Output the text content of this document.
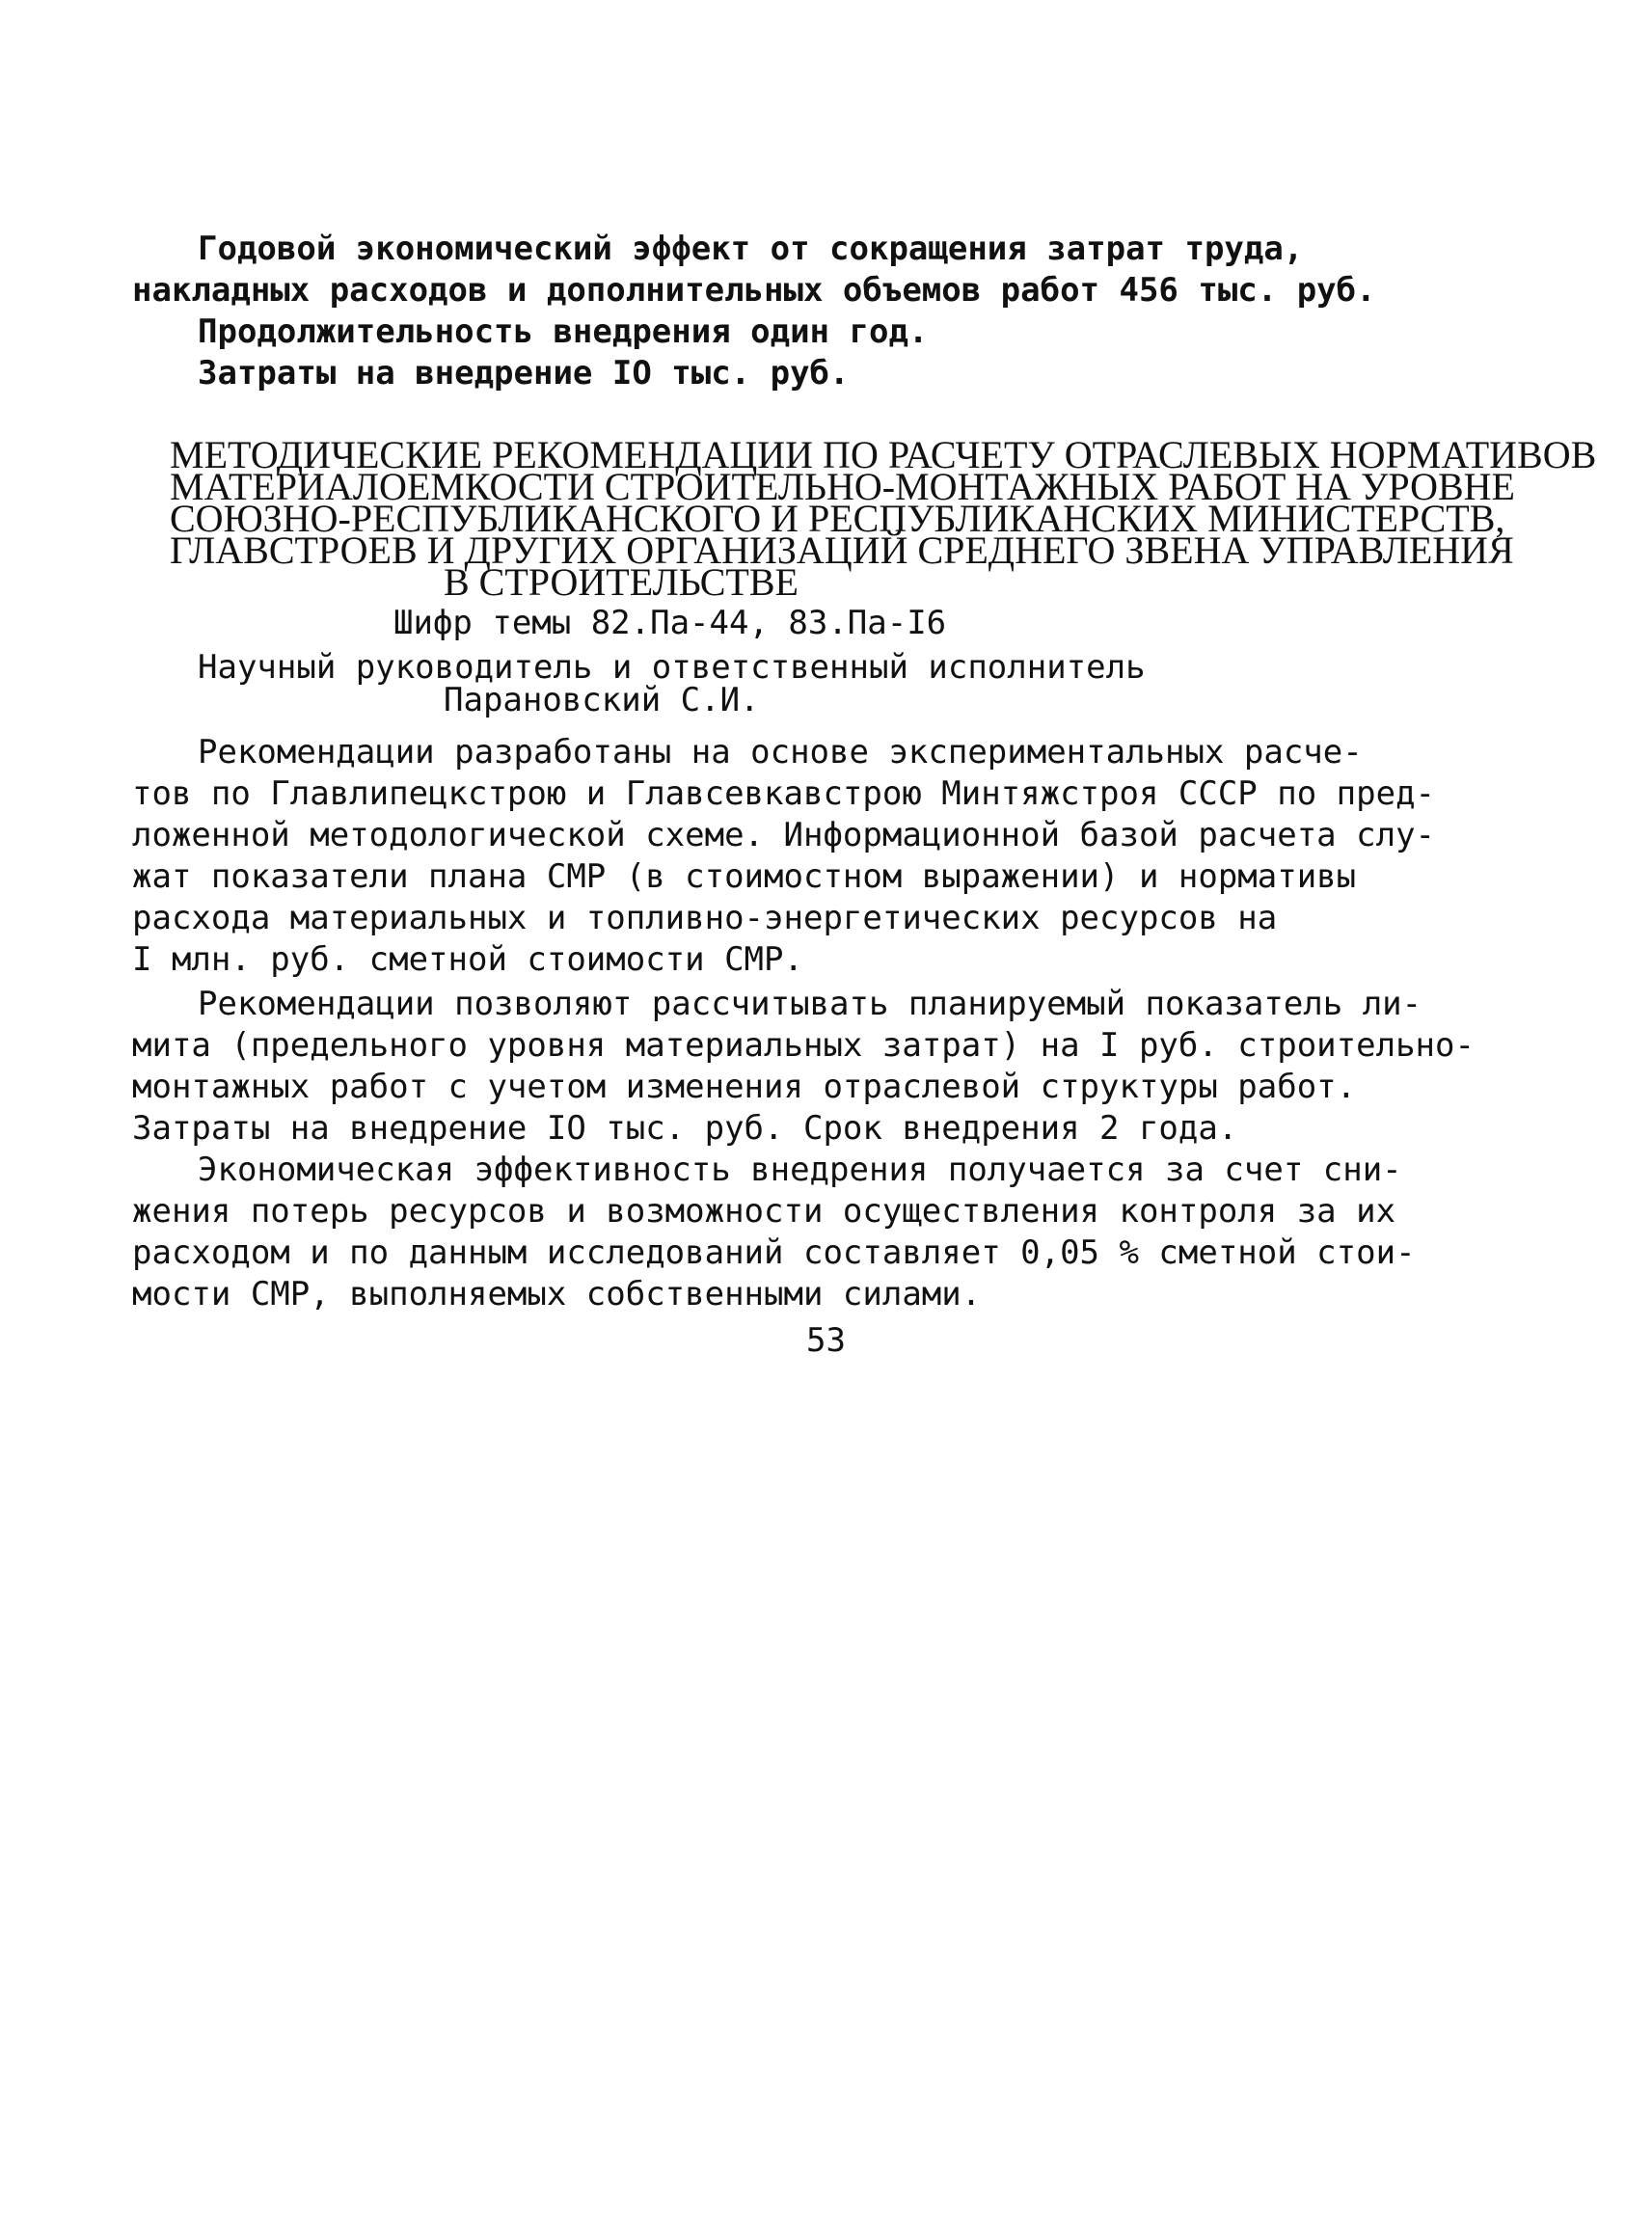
Годовой экономический эффект от сокращения затрат труда,
накладных расходов и дополнительных объемов работ 456 тыс. руб.
Продолжительность внедрения один год.
Затраты на внедрение IO тыс. руб.
МЕТОДИЧЕСКИЕ РЕКОМЕНДАЦИИ ПО РАСЧЕТУ ОТРАСЛЕВЫХ НОРМАТИВОВ
МАТЕРИАЛОЕМКОСТИ СТРОИТЕЛЬНО-МОНТАЖНЫХ РАБОТ НА УРОВНЕ
СОЮЗНО-РЕСПУБЛИКАНСКОГО И РЕСПУБЛИКАНСКИХ МИНИСТЕРСТВ,
ГЛАВСТРОЕВ И ДРУГИХ ОРГАНИЗАЦИЙ СРЕДНЕГО ЗВЕНА УПРАВЛЕНИЯ
В СТРОИТЕЛЬСТВЕ
Шифр темы 82.Па-44, 83.Па-I6
Научный руководитель и ответственный исполнитель
Парановский С.И.
Рекомендации разработаны на основе экспериментальных расче-
тов по Главлипецкстрою и Главсевкавстрою Минтяжстроя СССР по пред-
ложенной методологической схеме. Информационной базой расчета слу-
жат показатели плана СМР (в стоимостном выражении) и нормативы
расхода материальных и топливно-энергетических ресурсов на
I млн. руб. сметной стоимости СМР.
Рекомендации позволяют рассчитывать планируемый показатель ли-
мита (предельного уровня материальных затрат) на I руб. строительно-
монтажных работ с учетом изменения отраслевой структуры работ.
Затраты на внедрение IO тыс. руб. Срок внедрения 2 года.
Экономическая эффективность внедрения получается за счет сни-
жения потерь ресурсов и возможности осуществления контроля за их
расходом и по данным исследований составляет 0,05 % сметной стои-
мости СМР, выполняемых собственными силами.
53
